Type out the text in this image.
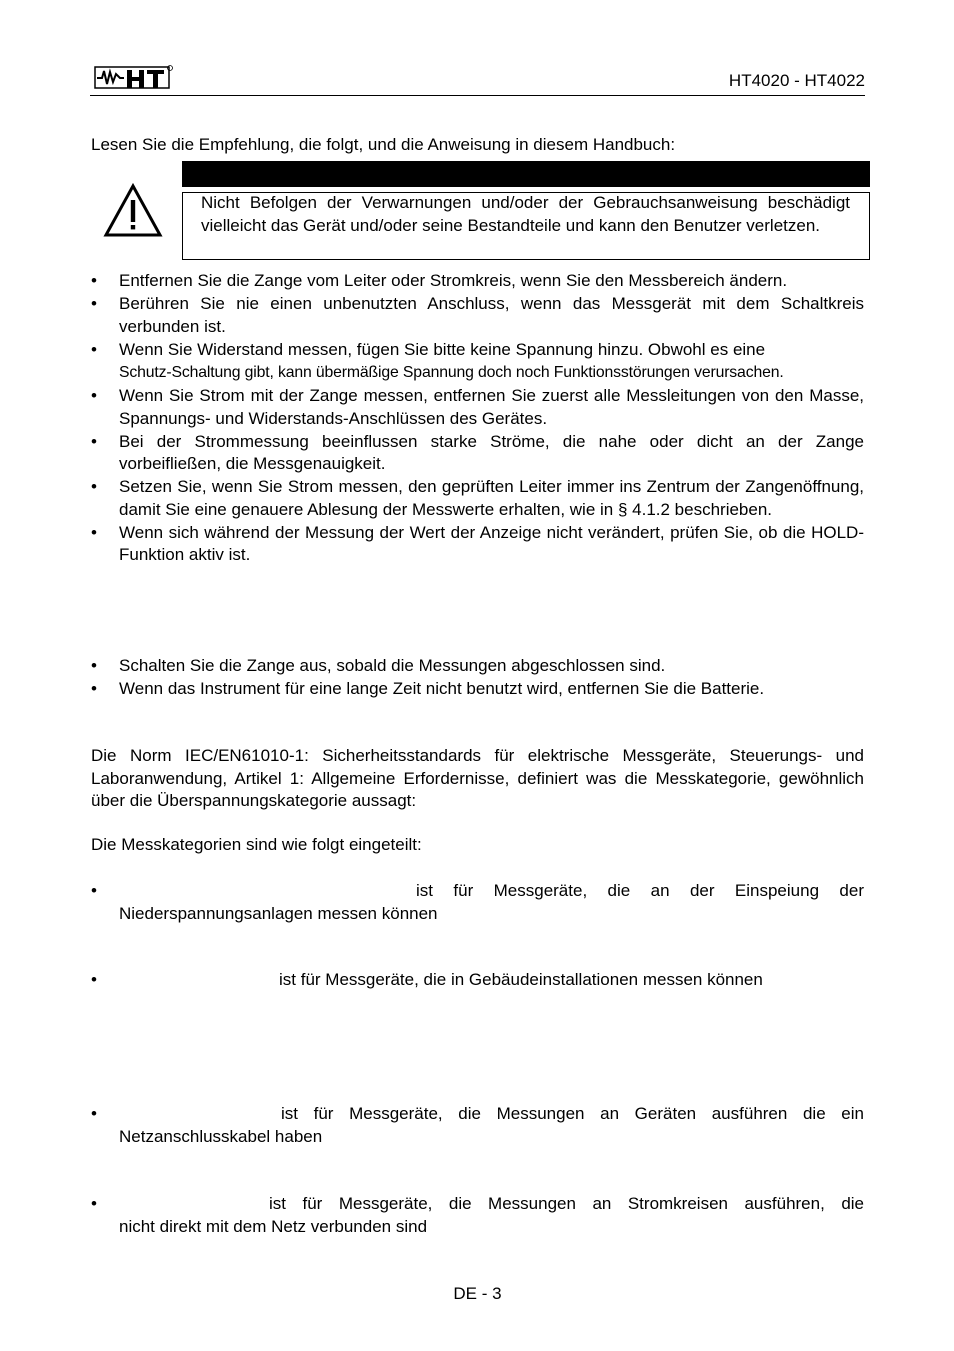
HT4020 - HT4022
Lesen Sie die Empfehlung, die folgt, und die Anweisung in diesem Handbuch:
Nicht Befolgen der Verwarnungen und/oder der Gebrauchsanweisung beschädigt vielleicht das Gerät und/oder seine Bestandteile und kann den Benutzer verletzen.
• Entfernen Sie die Zange vom Leiter oder Stromkreis, wenn Sie den Messbereich ändern.
• Berühren Sie nie einen unbenutzten Anschluss, wenn das Messgerät mit dem Schaltkreis verbunden ist.
• Wenn Sie Widerstand messen, fügen Sie bitte keine Spannung hinzu. Obwohl es eine
Schutz-Schaltung gibt, kann übermäßige Spannung doch noch Funktionsstörungen verursachen.
• Wenn Sie Strom mit der Zange messen, entfernen Sie zuerst alle Messleitungen von den Masse, Spannungs- und Widerstands-Anschlüssen des Gerätes.
• Bei der Strommessung beeinflussen starke Ströme, die nahe oder dicht an der Zange vorbeifließen, die Messgenauigkeit.
• Setzen Sie, wenn Sie Strom messen, den geprüften Leiter immer ins Zentrum der Zangenöffnung, damit Sie eine genauere Ablesung der Messwerte erhalten, wie in § 4.1.2 beschrieben.
• Wenn sich während der Messung der Wert der Anzeige nicht verändert, prüfen Sie, ob die HOLD-Funktion aktiv ist.
• Schalten Sie die Zange aus, sobald die Messungen abgeschlossen sind.
• Wenn das Instrument für eine lange Zeit nicht benutzt wird, entfernen Sie die Batterie.
Die Norm IEC/EN61010-1: Sicherheitsstandards für elektrische Messgeräte, Steuerungs- und Laboranwendung, Artikel 1: Allgemeine Erfordernisse, definiert was die Messkategorie, gewöhnlich über die Überspannungskategorie aussagt:
Die Messkategorien sind wie folgt eingeteilt:
•	ist für Messgeräte, die an der Einspeiung der
Niederspannungsanlagen messen können
•	ist für Messgeräte, die in Gebäudeinstallationen messen können
•	ist für Messgeräte, die Messungen an Geräten ausführen die ein
Netzanschlusskabel haben
•	ist für Messgeräte, die Messungen an Stromkreisen ausführen, die
nicht direkt mit dem Netz verbunden sind
DE - 3
